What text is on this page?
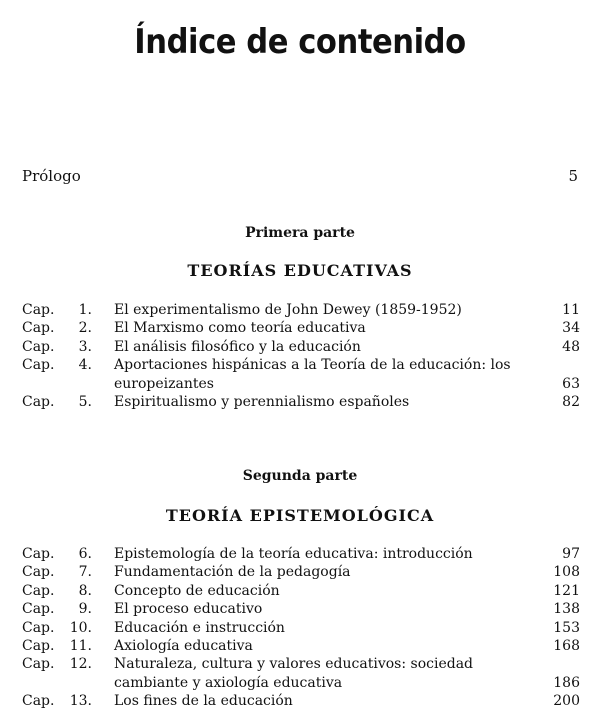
Índice de contenido
Prólogo	5
Primera parte
TEORÍAS EDUCATIVAS
Cap.	1. El experimentalismo de John Dewey (1859-1952)	11
Cap.	2. El Marxismo como teoría educativa	34
Cap.	3. El análisis filosófico y la educación	48
Cap.	4. Aportaciones hispánicas a la Teoría de la educación: los europeizantes	63
Cap.	5. Espiritualismo y perennialismo españoles	82
Segunda parte
TEORÍA EPISTEMOLÓGICA
Cap.	6. Epistemología de la teoría educativa: introducción	97
Cap.	7. Fundamentación de la pedagogía	108
Cap.	8. Concepto de educación	121
Cap.	9. El proceso educativo	138
Cap.	10. Educación e instrucción	153
Cap.	11. Axiología educativa	168
Cap.	12. Naturaleza, cultura y valores educativos: sociedad cambiante y axiología educativa	186
Cap.	13. Los fines de la educación	200
